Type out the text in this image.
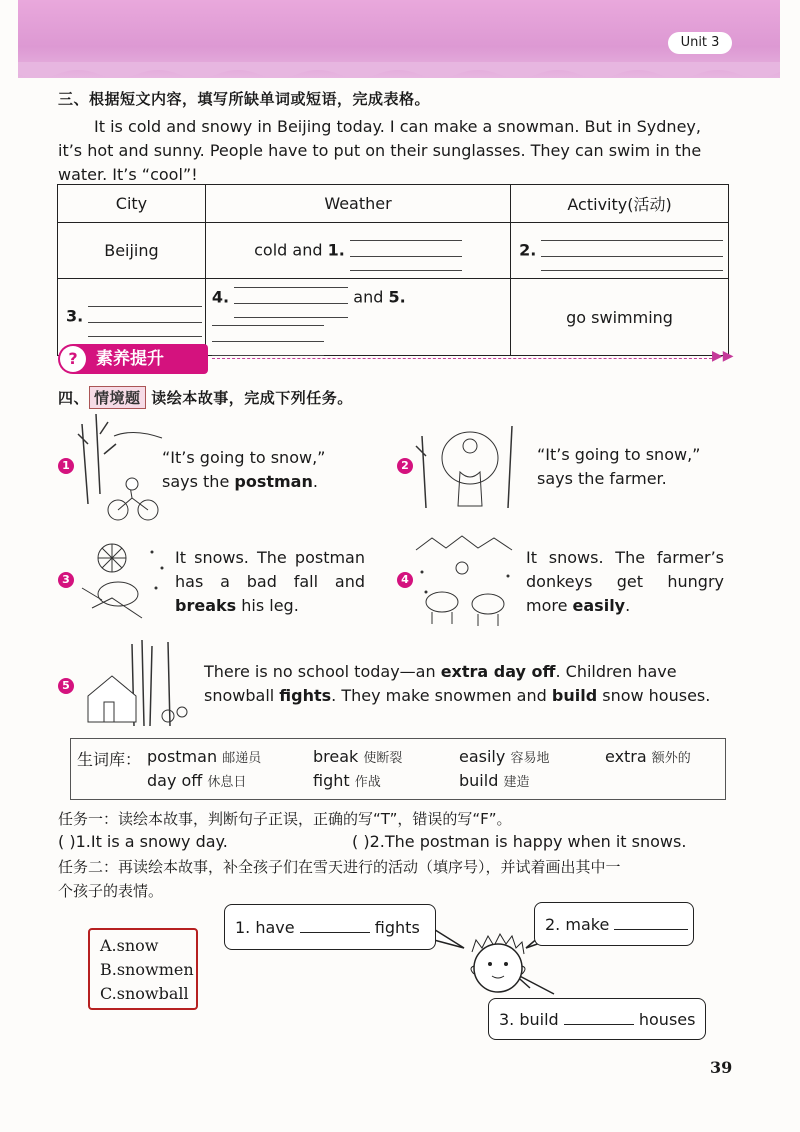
Unit 3
三、根据短文内容，填写所缺单词或短语，完成表格。
It is cold and snowy in Beijing today. I can make a snowman. But in Sydney,
it’s hot and sunny. People have to put on their sunglasses. They can swim in the
water. It’s “cool”!
City	Weather	Activity(活动)
Beijing	cold and 1.	2.

3.	4. and 5.	go swimming
?	素养提升	▶▶
四、 情境题 读绘本故事，完成下列任务。
1	“It’s going to snow,”
says the postman.
2
“It’s going to snow,”
says the farmer.
3
It snows. The postman
has a bad fall and
breaks his leg.
4
It snows. The farmer’s
donkeys get hungry
more easily.
5
There is no school today—an extra day off. Children have
snowball fights. They make snowmen and build snow houses.
生词库： postman 邮递员	break 使断裂	easily 容易地	extra 额外的
day off 休息日	fight 作战	build 建造
任务一：读绘本故事，判断句子正误，正确的写“T”，错误的写“F”。
( )1.It is a snowy day.	( )2.The postman is happy when it snows.
任务二：再读绘本故事，补全孩子们在雪天进行的活动（填序号），并试着画出其中一
个孩子的表情。
A.snow
B.snowmen
C.snowball
1. have	fights	2. make
3. build	houses
39
